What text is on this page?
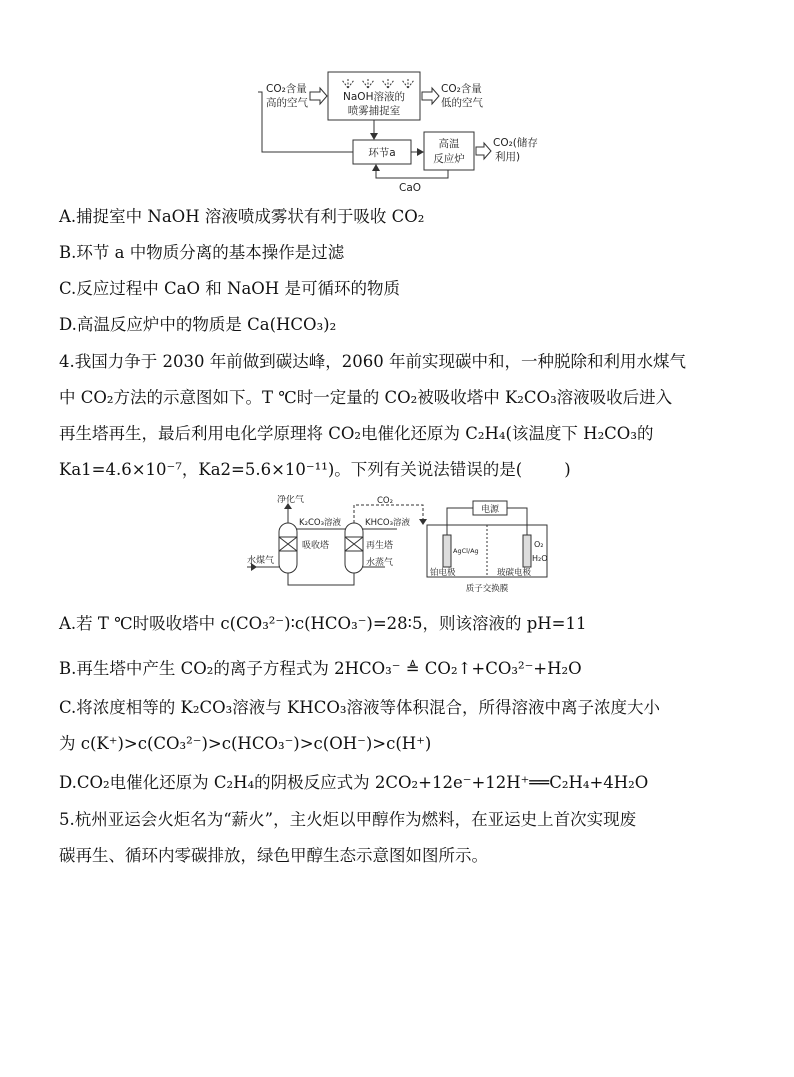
CO₂含量
高的空气	NaOH溶液的
喷雾捕捉室
CO₂含量
低的空气
环节a
高温
反应炉
CO₂(储存
利用)
CaO
A.捕捉室中 NaOH 溶液喷成雾状有利于吸收 CO₂
B.环节 a 中物质分离的基本操作是过滤
C.反应过程中 CaO 和 NaOH 是可循环的物质
D.高温反应炉中的物质是 Ca(HCO₃)₂
4.我国力争于 2030 年前做到碳达峰，2060 年前实现碳中和，一种脱除和利用水煤气
中 CO₂方法的示意图如下。T ℃时一定量的 CO₂被吸收塔中 K₂CO₃溶液吸收后进入
再生塔再生，最后利用电化学原理将 CO₂电催化还原为 C₂H₄(该温度下 H₂CO₃的
Ka1=4.6×10⁻⁷，Ka2=5.6×10⁻¹¹)。下列有关说法错误的是(        )
净化气
K₂CO₃溶液
CO₂
KHCO₃溶液
电源
吸收塔	再生塔
水煤气	水蒸气
AgCl/Ag
O₂
H₂O
铂电极	玻碳电极
质子交换膜
A.若 T ℃时吸收塔中 c(CO₃²⁻)∶c(HCO₃⁻)=28∶5，则该溶液的 pH=11
B.再生塔中产生 CO₂的离子方程式为 2HCO₃⁻ ≜ CO₂↑+CO₃²⁻+H₂O
C.将浓度相等的 K₂CO₃溶液与 KHCO₃溶液等体积混合，所得溶液中离子浓度大小
为 c(K⁺)>c(CO₃²⁻)>c(HCO₃⁻)>c(OH⁻)>c(H⁺)
D.CO₂电催化还原为 C₂H₄的阴极反应式为 2CO₂+12e⁻+12H⁺══C₂H₄+4H₂O
5.杭州亚运会火炬名为“薪火”，主火炬以甲醇作为燃料，在亚运史上首次实现废
碳再生、循环内零碳排放，绿色甲醇生态示意图如图所示。
